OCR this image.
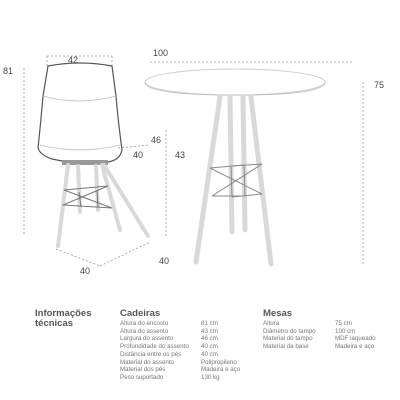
100
75
81
42
46
40	43
40
40
Informações
técnicas
Cadeiras
Altura do encosto
Altura do assento
Largura do assento
Profundidade do assento
Distância entre os pés
Material do assento
Material dos pés
Peso suportado
81 cm
43 cm
46 cm
40 cm
40 cm
Polipropileno
Madeira e aço
130 kg
Mesas
Altura
Diâmetro do tampo
Material do tampo
Material da base
75 cm
100 cm
MDF laqueado
Madeira e aço
